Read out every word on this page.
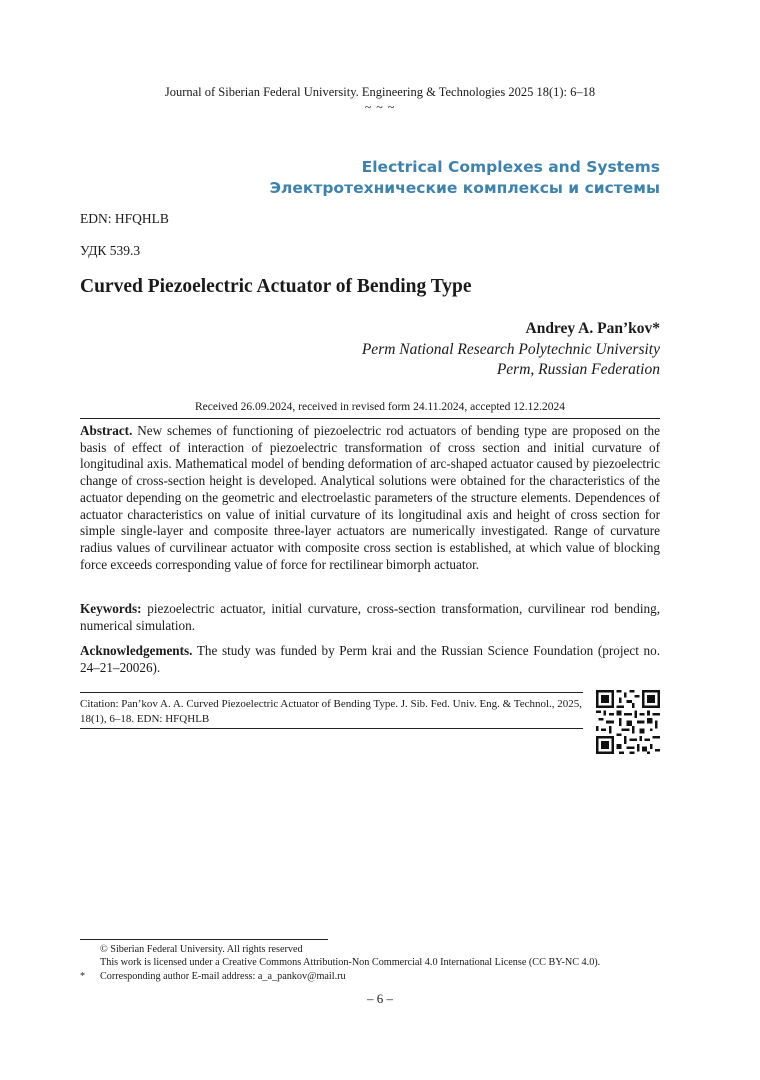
Journal of Siberian Federal University. Engineering & Technologies 2025 18(1): 6–18
~ ~ ~
Electrical Complexes and Systems
Электротехнические комплексы и системы
EDN: HFQHLB
УДК 539.3
Curved Piezoelectric Actuator of Bending Type
Andrey A. Pan’kov*
Perm National Research Polytechnic University
Perm, Russian Federation
Received 26.09.2024, received in revised form 24.11.2024, accepted 12.12.2024
Abstract. New schemes of functioning of piezoelectric rod actuators of bending type are proposed on the basis of effect of interaction of piezoelectric transformation of cross section and initial curvature of longitudinal axis. Mathematical model of bending deformation of arc-shaped actuator caused by piezoelectric change of cross-section height is developed. Analytical solutions were obtained for the characteristics of the actuator depending on the geometric and electroelastic parameters of the structure elements. Dependences of actuator characteristics on value of initial curvature of its longitudinal axis and height of cross section for simple single-layer and composite three-layer actuators are numerically investigated. Range of curvature radius values of curvilinear actuator with composite cross section is established, at which value of blocking force exceeds corresponding value of force for rectilinear bimorph actuator.
Keywords: piezoelectric actuator, initial curvature, cross-section transformation, curvilinear rod bending, numerical simulation.
Acknowledgements. The study was funded by Perm krai and the Russian Science Foundation (project no. 24–21–20026).
Citation: Pan’kov A. A. Curved Piezoelectric Actuator of Bending Type. J. Sib. Fed. Univ. Eng. & Technol., 2025, 18(1), 6–18. EDN: HFQHLB
© Siberian Federal University. All rights reserved
This work is licensed under a Creative Commons Attribution-Non Commercial 4.0 International License (CC BY-NC 4.0).
* Corresponding author E-mail address: a_a_pankov@mail.ru
– 6 –
